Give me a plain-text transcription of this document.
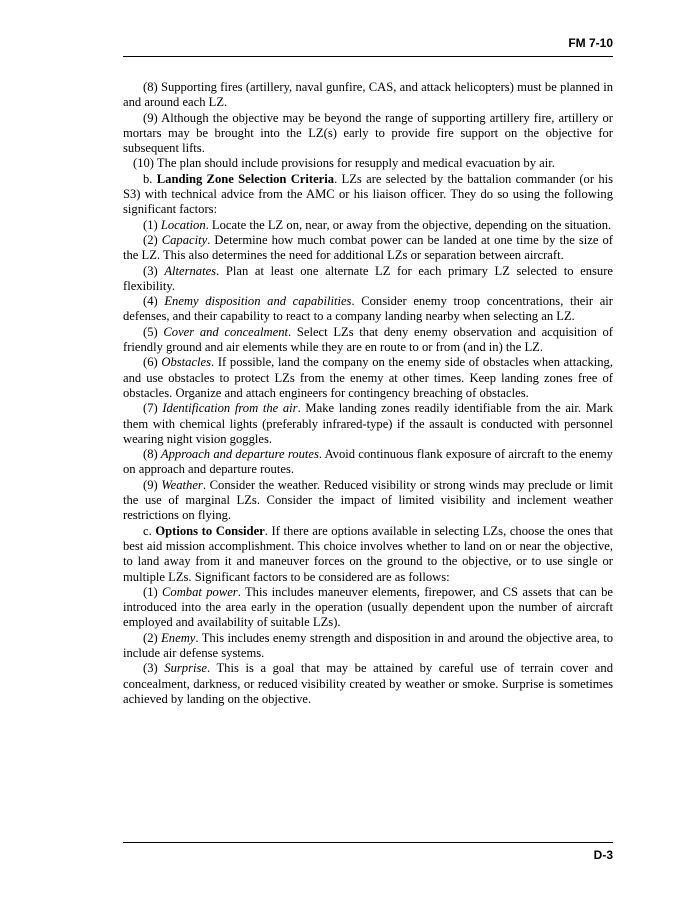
FM 7-10

(8) Supporting fires (artillery, naval gunfire, CAS, and attack helicopters) must be planned in and around each LZ.

(9) Although the objective may be beyond the range of supporting artillery fire, artillery or mortars may be brought into the LZ(s) early to provide fire support on the objective for subsequent lifts.

(10) The plan should include provisions for resupply and medical evacuation by air.

b. Landing Zone Selection Criteria. LZs are selected by the battalion commander (or his S3) with technical advice from the AMC or his liaison officer. They do so using the following significant factors:

(1) Location. Locate the LZ on, near, or away from the objective, depending on the situation.

(2) Capacity. Determine how much combat power can be landed at one time by the size of the LZ. This also determines the need for additional LZs or separation between aircraft.

(3) Alternates. Plan at least one alternate LZ for each primary LZ selected to ensure flexibility.

(4) Enemy disposition and capabilities. Consider enemy troop concentrations, their air defenses, and their capability to react to a company landing nearby when selecting an LZ.

(5) Cover and concealment. Select LZs that deny enemy observation and acquisition of friendly ground and air elements while they are en route to or from (and in) the LZ.

(6) Obstacles. If possible, land the company on the enemy side of obstacles when attacking, and use obstacles to protect LZs from the enemy at other times. Keep landing zones free of obstacles. Organize and attach engineers for contingency breaching of obstacles.

(7) Identification from the air. Make landing zones readily identifiable from the air. Mark them with chemical lights (preferably infrared-type) if the assault is conducted with personnel wearing night vision goggles.

(8) Approach and departure routes. Avoid continuous flank exposure of aircraft to the enemy on approach and departure routes.

(9) Weather. Consider the weather. Reduced visibility or strong winds may preclude or limit the use of marginal LZs. Consider the impact of limited visibility and inclement weather restrictions on flying.

c. Options to Consider. If there are options available in selecting LZs, choose the ones that best aid mission accomplishment. This choice involves whether to land on or near the objective, to land away from it and maneuver forces on the ground to the objective, or to use single or multiple LZs. Significant factors to be considered are as follows:

(1) Combat power. This includes maneuver elements, firepower, and CS assets that can be introduced into the area early in the operation (usually dependent upon the number of aircraft employed and availability of suitable LZs).

(2) Enemy. This includes enemy strength and disposition in and around the objective area, to include air defense systems.

(3) Surprise. This is a goal that may be attained by careful use of terrain cover and concealment, darkness, or reduced visibility created by weather or smoke. Surprise is sometimes achieved by landing on the objective.

D-3
